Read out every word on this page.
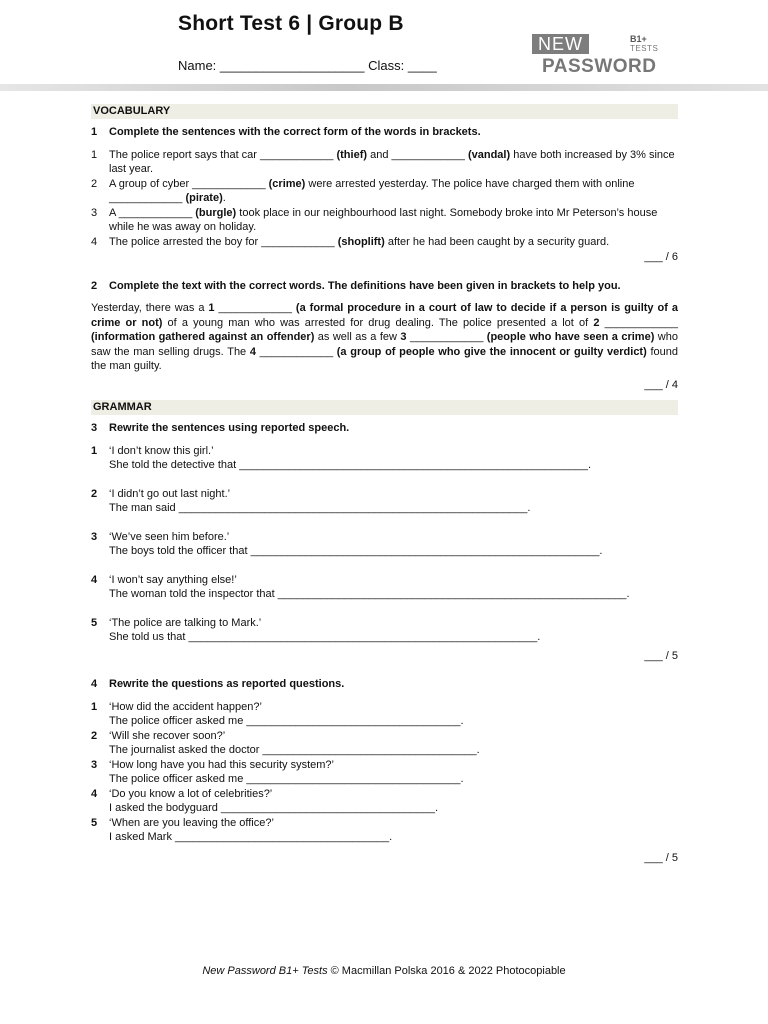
Short Test 6 | Group B
Name: ____________________ Class: ____
NEW	B1+
TESTS
PASSWORD
VOCABULARY
1 Complete the sentences with the correct form of the words in brackets.
1	The police report says that car ____________ (thief) and ____________ (vandal) have both increased by 3% since last year.
2	A group of cyber ____________ (crime) were arrested yesterday. The police have charged them with online ____________ (pirate).
3	A ____________ (burgle) took place in our neighbourhood last night. Somebody broke into Mr Peterson’s house while he was away on holiday.
4	The police arrested the boy for ____________ (shoplift) after he had been caught by a security guard.
___ / 6
2 Complete the text with the correct words. The definitions have been given in brackets to help you.
Yesterday, there was a 1 ____________ (a formal procedure in a court of law to decide if a person is guilty of a crime or not) of a young man who was arrested for drug dealing. The police presented a lot of 2 ____________ (information gathered against an offender) as well as a few 3 ____________ (people who have seen a crime) who saw the man selling drugs. The 4 ____________ (a group of people who give the innocent or guilty verdict) found the man guilty.
___ / 4
GRAMMAR
3 Rewrite the sentences using reported speech.
1	‘I don’t know this girl.’
She told the detective that _________________________________________________________.
2	‘I didn’t go out last night.’
The man said _________________________________________________________.
3	‘We’ve seen him before.’
The boys told the officer that _________________________________________________________.
4	‘I won’t say anything else!’
The woman told the inspector that _________________________________________________________.
5	‘The police are talking to Mark.’
She told us that _________________________________________________________.
___ / 5
4 Rewrite the questions as reported questions.
1	‘How did the accident happen?’
The police officer asked me ___________________________________.
2	‘Will she recover soon?’
The journalist asked the doctor ___________________________________.
3	‘How long have you had this security system?’
The police officer asked me ___________________________________.
4	‘Do you know a lot of celebrities?’
I asked the bodyguard ___________________________________.
5	‘When are you leaving the office?’
I asked Mark ___________________________________.
___ / 5
New Password B1+ Tests © Macmillan Polska 2016 & 2022 Photocopiable
